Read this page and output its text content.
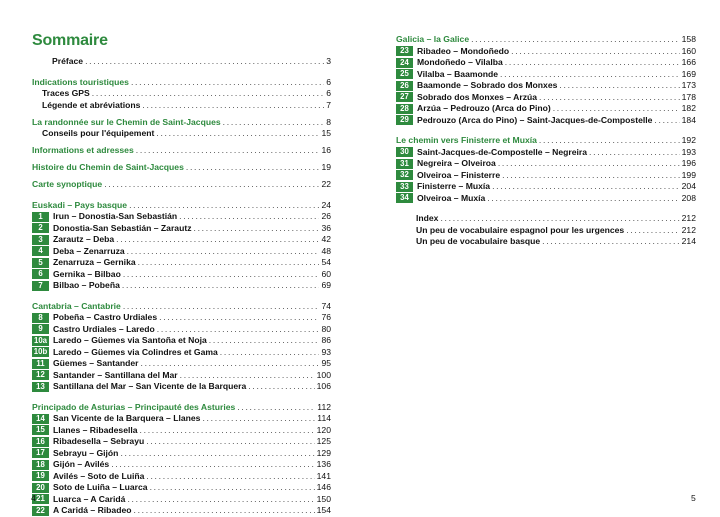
Sommaire
Préface .....	3
Indications touristiques .....	6
Traces GPS .....	6
Légende et abréviations .....	7
La randonnée sur le Chemin de Saint-Jacques .....	8
Conseils pour l'équipement .....	15
Informations et adresses .....	16
Histoire du Chemin de Saint-Jacques .....	19
Carte synoptique .....	22
Euskadi – Pays basque .....	24
1	Irun – Donostia-San Sebastián .....	26
2	Donostia-San Sebastián – Zarautz .....	36
3	Zarautz – Deba .....	42
4	Deba – Zenarruza .....	48
5	Zenarruza – Gernika .....	54
6	Gernika – Bilbao .....	60
7	Bilbao – Pobeña .....	69
Cantabria – Cantabrie .....	74
8	Pobeña – Castro Urdiales .....	76
9	Castro Urdiales – Laredo .....	80
10a Laredo – Güemes via Santoña et Noja .....	86
10b Laredo – Güemes via Colindres et Gama .....	93
11 Güemes – Santander .....	95
12 Santander – Santillana del Mar .....	100
13 Santillana del Mar – San Vicente de la Barquera .....	106
Principado de Asturias – Principauté des Asturies .....	112
14 San Vicente de la Barquera – Llanes .....	114
15 Llanes – Ribadesella .....	120
16 Ribadesella – Sebrayu .....	125
17 Sebrayu – Gijón .....	129
18 Gijón – Avilés .....	136
19 Avilés – Soto de Luiña .....	141
20 Soto de Luiña – Luarca .....	146
21 Luarca – A Caridá .....	150
22 A Caridá – Ribadeo .....	154
4
Galicia – la Galice .....	158
23 Ribadeo – Mondoñedo .....	160
24 Mondoñedo – Vilalba .....	166
25 Vilalba – Baamonde .....	169
26 Baamonde – Sobrado dos Monxes .....	173
27 Sobrado dos Monxes – Arzúa .....	178
28 Arzúa – Pedrouzo (Arca do Pino) .....	182
29 Pedrouzo (Arca do Pino) – Saint-Jacques-de-Compostelle .....	184
Le chemin vers Finisterre et Muxía .....	192
30 Saint-Jacques-de-Compostelle – Negreira .....	193
31 Negreira – Olveiroa .....	196
32 Olveiroa – Finisterre .....	199
33 Finisterre – Muxía .....	204
34 Olveiroa – Muxía .....	208
Index .....	212
Un peu de vocabulaire espagnol pour les urgences .....	212
Un peu de vocabulaire basque .....	214
5
